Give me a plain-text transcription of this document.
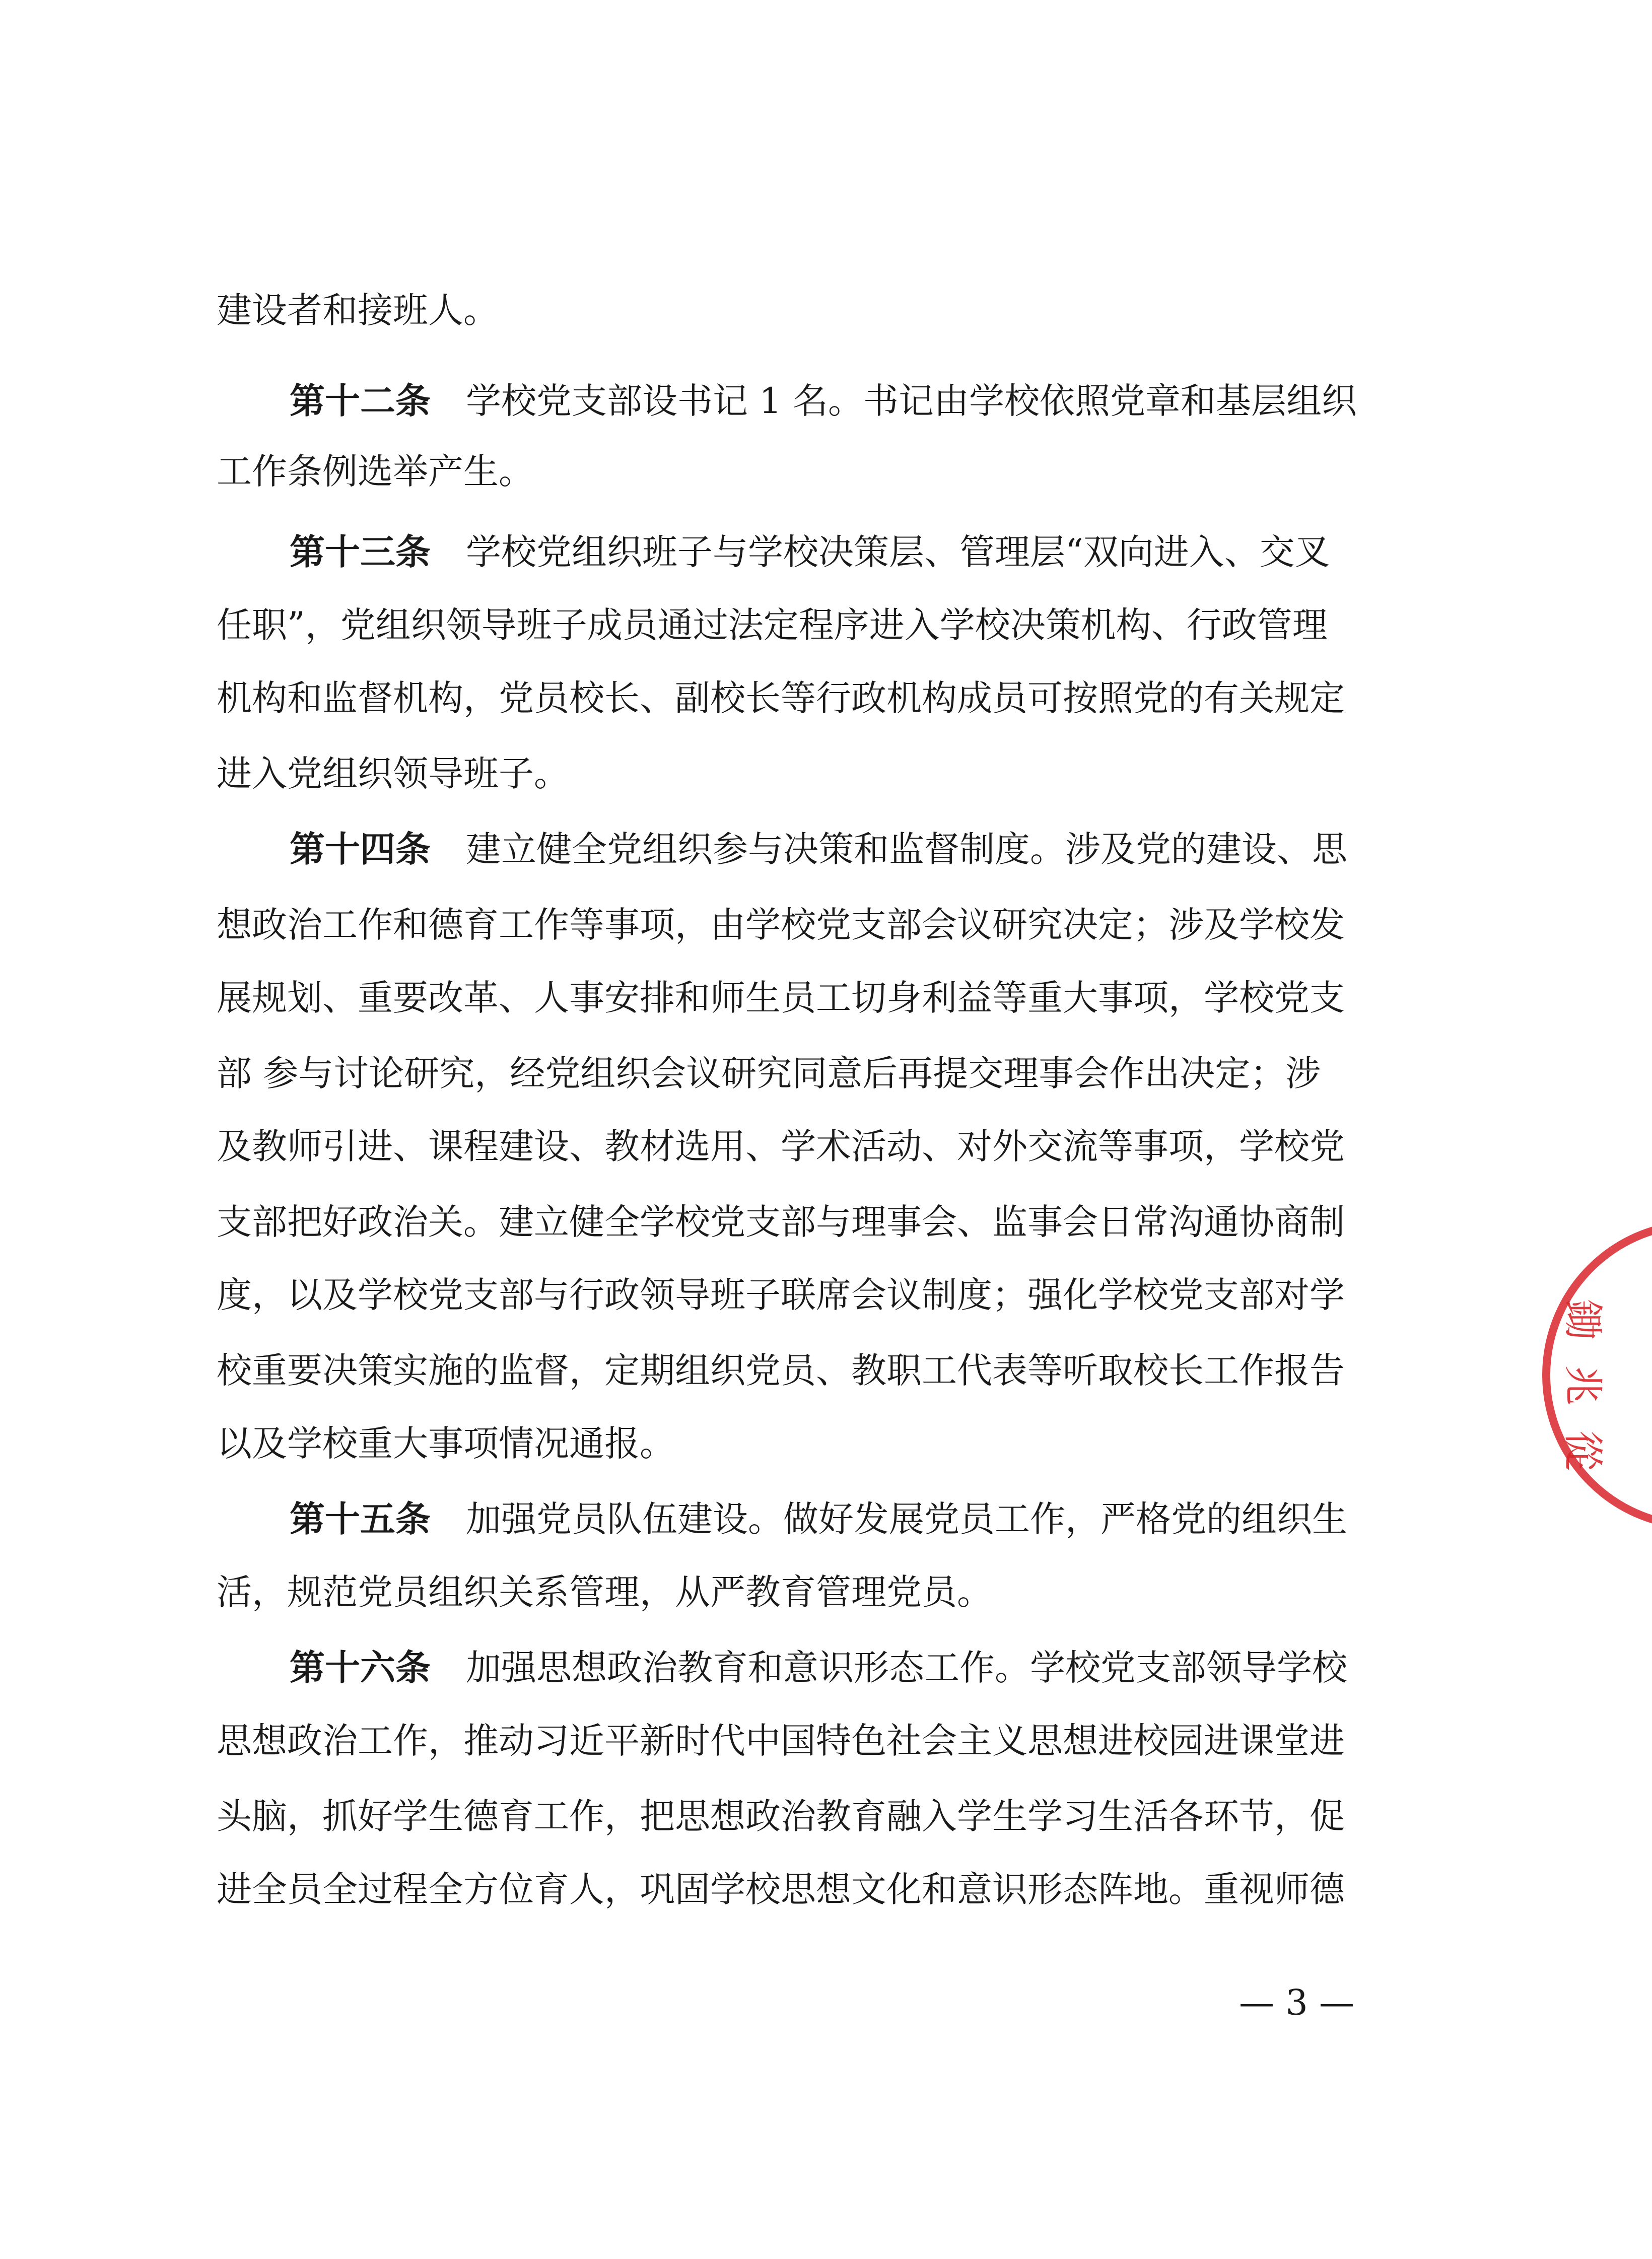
建设者和接班人。
第十二条 学校党支部设书记 1 名。书记由学校依照党章和基层组织
工作条例选举产生。
第十三条 学校党组织班子与学校决策层、管理层“双向进入、交叉
任职”，党组织领导班子成员通过法定程序进入学校决策机构、行政管理
机构和监督机构，党员校长、副校长等行政机构成员可按照党的有关规定
进入党组织领导班子。
第十四条 建立健全党组织参与决策和监督制度。涉及党的建设、思
想政治工作和德育工作等事项，由学校党支部会议研究决定；涉及学校发
展规划、重要改革、人事安排和师生员工切身利益等重大事项，学校党支
部 参与讨论研究，经党组织会议研究同意后再提交理事会作出决定；涉
及教师引进、课程建设、教材选用、学术活动、对外交流等事项，学校党
支部把好政治关。建立健全学校党支部与理事会、监事会日常沟通协商制
度，以及学校党支部与行政领导班子联席会议制度；强化学校党支部对学
校重要决策实施的监督，定期组织党员、教职工代表等听取校长工作报告
以及学校重大事项情况通报。
第十五条 加强党员队伍建设。做好发展党员工作，严格党的组织生
活，规范党员组织关系管理，从严教育管理党员。
第十六条 加强思想政治教育和意识形态工作。学校党支部领导学校
思想政治工作，推动习近平新时代中国特色社会主义思想进校园进课堂进
头脑，抓好学生德育工作，把思想政治教育融入学生学习生活各环节，促
进全员全过程全方位育人，巩固学校思想文化和意识形态阵地。重视师德
— 3 —
鋤
兆
從
